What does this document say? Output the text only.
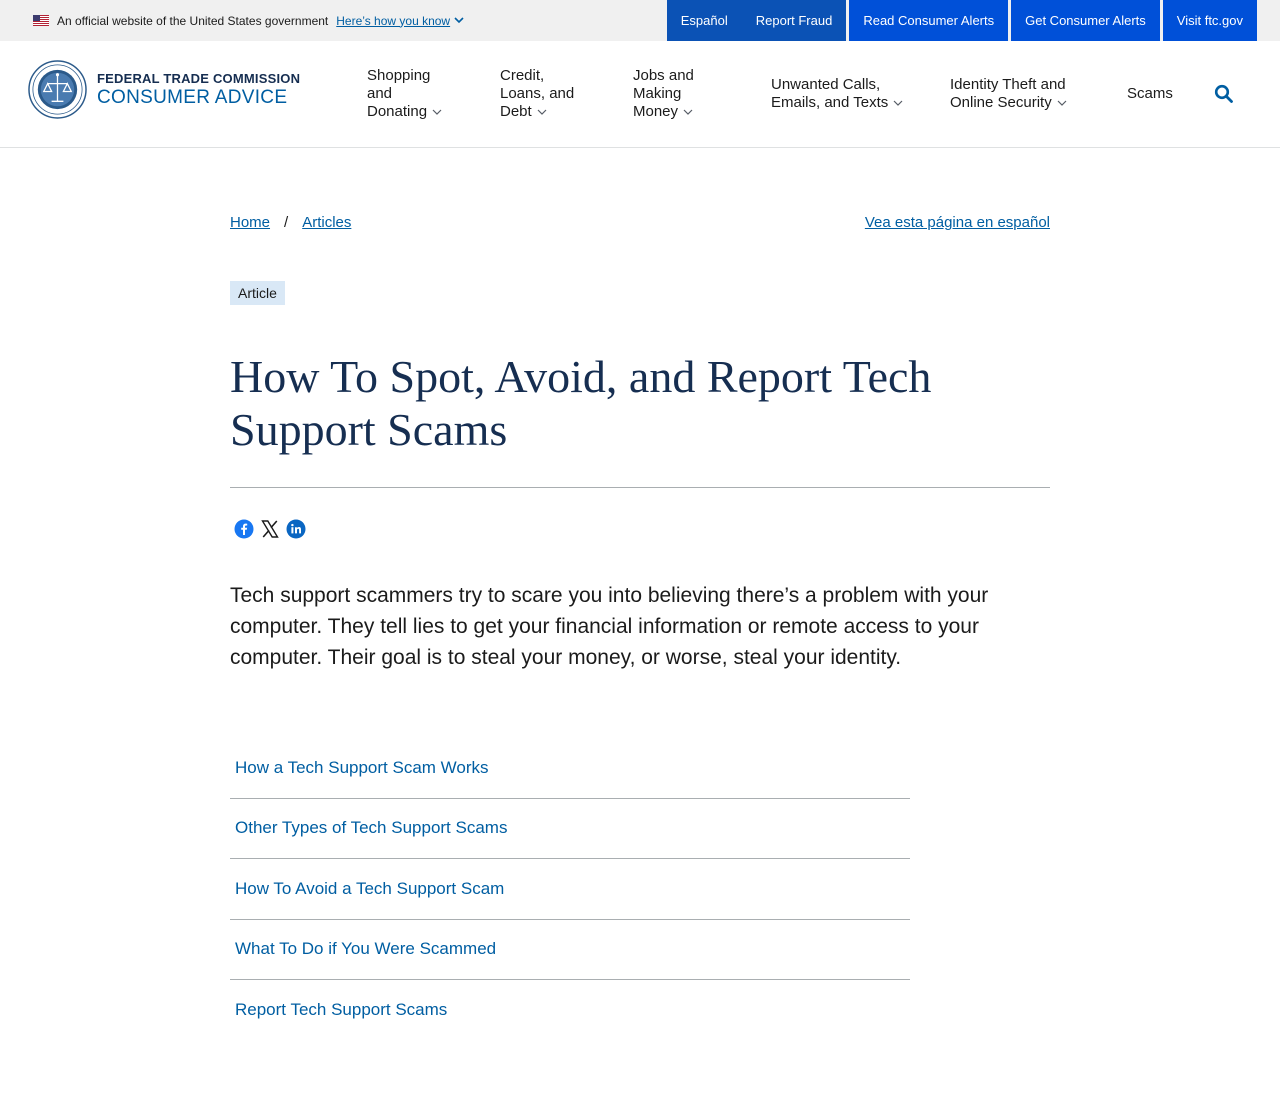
An official website of the United States government Here’s how you know	Español	Report Fraud	Read Consumer Alerts	Get Consumer Alerts	Visit ftc.gov
FEDERAL TRADE COMMISSION
CONSUMER ADVICE
Shopping
and
Donating
Credit,
Loans, and
Debt
Jobs and
Making
Money
Unwanted Calls,
Emails, and Texts
Identity Theft and
Online Security
Scams
Home / Articles	Vea esta página en español
Article
How To Spot, Avoid, and Report Tech Support Scams

Tech support scammers try to scare you into believing there’s a problem with your computer. They tell lies to get your financial information or remote access to your computer. Their goal is to steal your money, or worse, steal your identity.

How a Tech Support Scam Works
Other Types of Tech Support Scams
How To Avoid a Tech Support Scam
What To Do if You Were Scammed
Report Tech Support Scams
